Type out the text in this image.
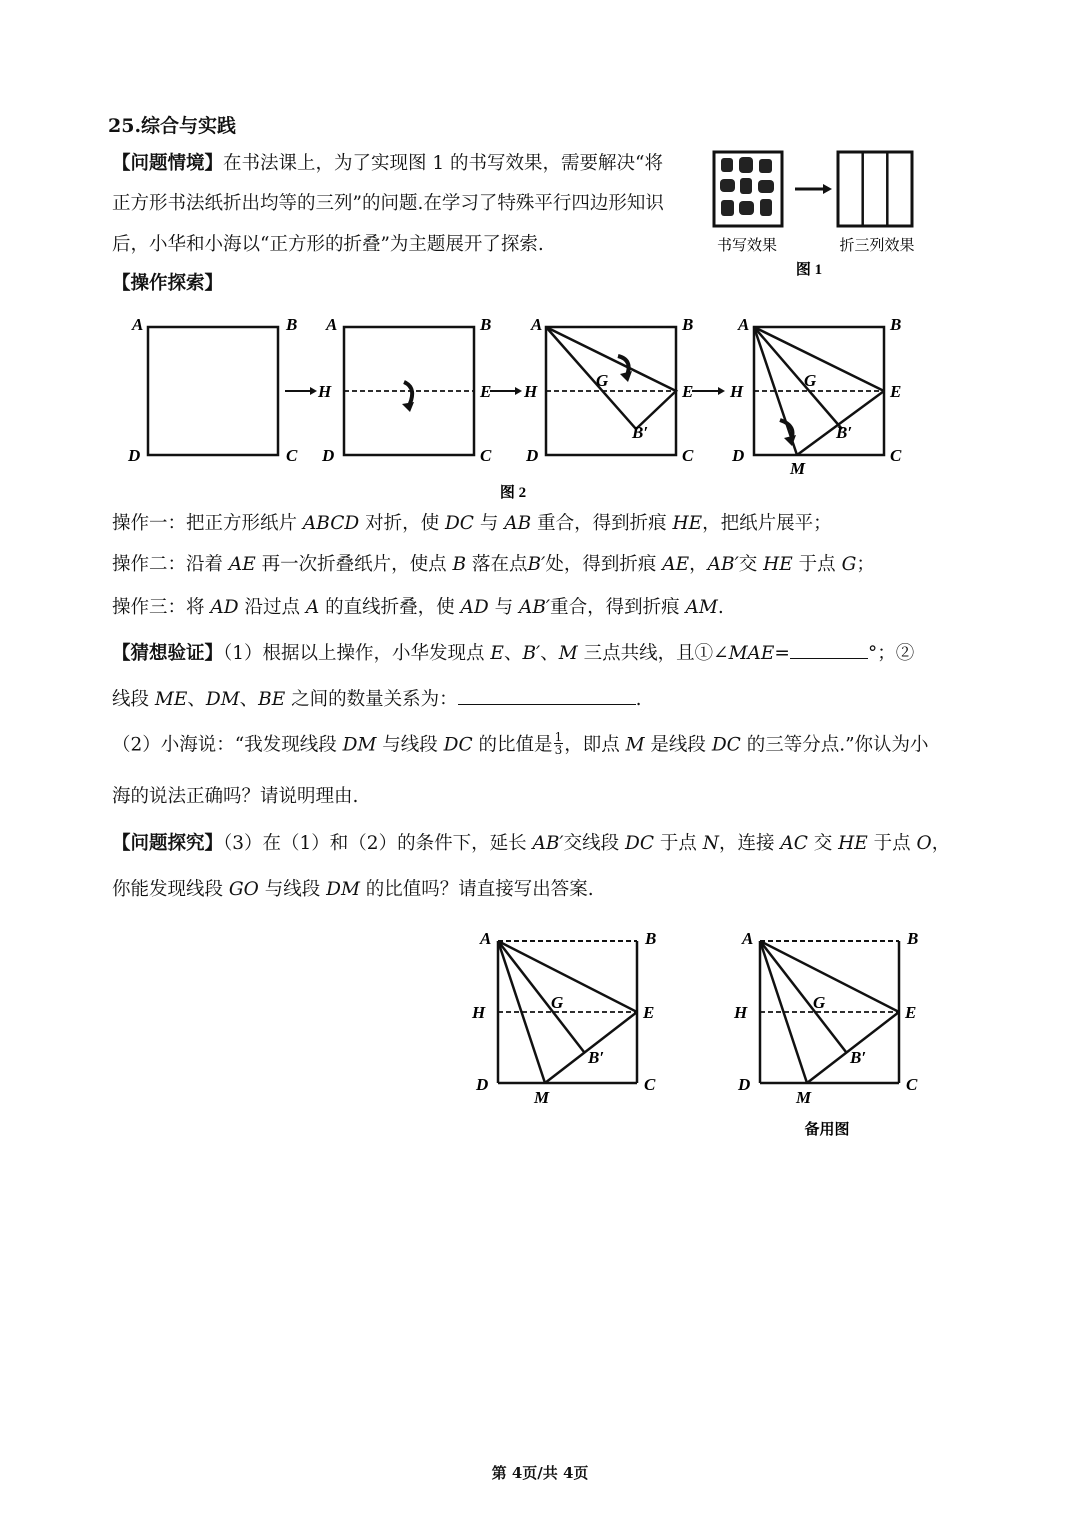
25.综合与实践
【问题情境】在书法课上，为了实现图 1 的书写效果，需要解决“将
正方形书法纸折出均等的三列”的问题.在学习了特殊平行四边形知识
后，小华和小海以“正方形的折叠”为主题展开了探索.	书写效果	折三列效果
图 1
【操作探索】
A	B
D	C
A	B
H	E
D	C
A	B
H	E
G
B′
D	C
A	B
H	E
G
B′
D	C
M
图 2
操作一：把正方形纸片 ABCD 对折，使 DC 与 AB 重合，得到折痕 HE，把纸片展平；
操作二：沿着 AE 再一次折叠纸片，使点 B 落在点B′处，得到折痕 AE，AB′交 HE 于点 G；
操作三：将 AD 沿过点 A 的直线折叠，使 AD 与 AB′重合，得到折痕 AM.
【猜想验证】（1）根据以上操作，小华发现点 E、B′、M 三点共线，且①∠MAE=	°；②
线段 ME、DM、BE 之间的数量关系为：	.
（2）小海说：“我发现线段 DM 与线段 DC 的比值是 $\frac{1}{3}$ ，即点 M 是线段 DC 的三等分点.”你认为小
海的说法正确吗？请说明理由.
【问题探究】（3）在（1）和（2）的条件下，延长 AB′交线段 DC 于点 N，连接 AC 交 HE 于点 O，
你能发现线段 GO 与线段 DM 的比值吗？请直接写出答案.
A	B
H	E
G
B′
D	C
M
A	B
H	E
G
B′
D	C
M
备用图
第 4页/共 4页
